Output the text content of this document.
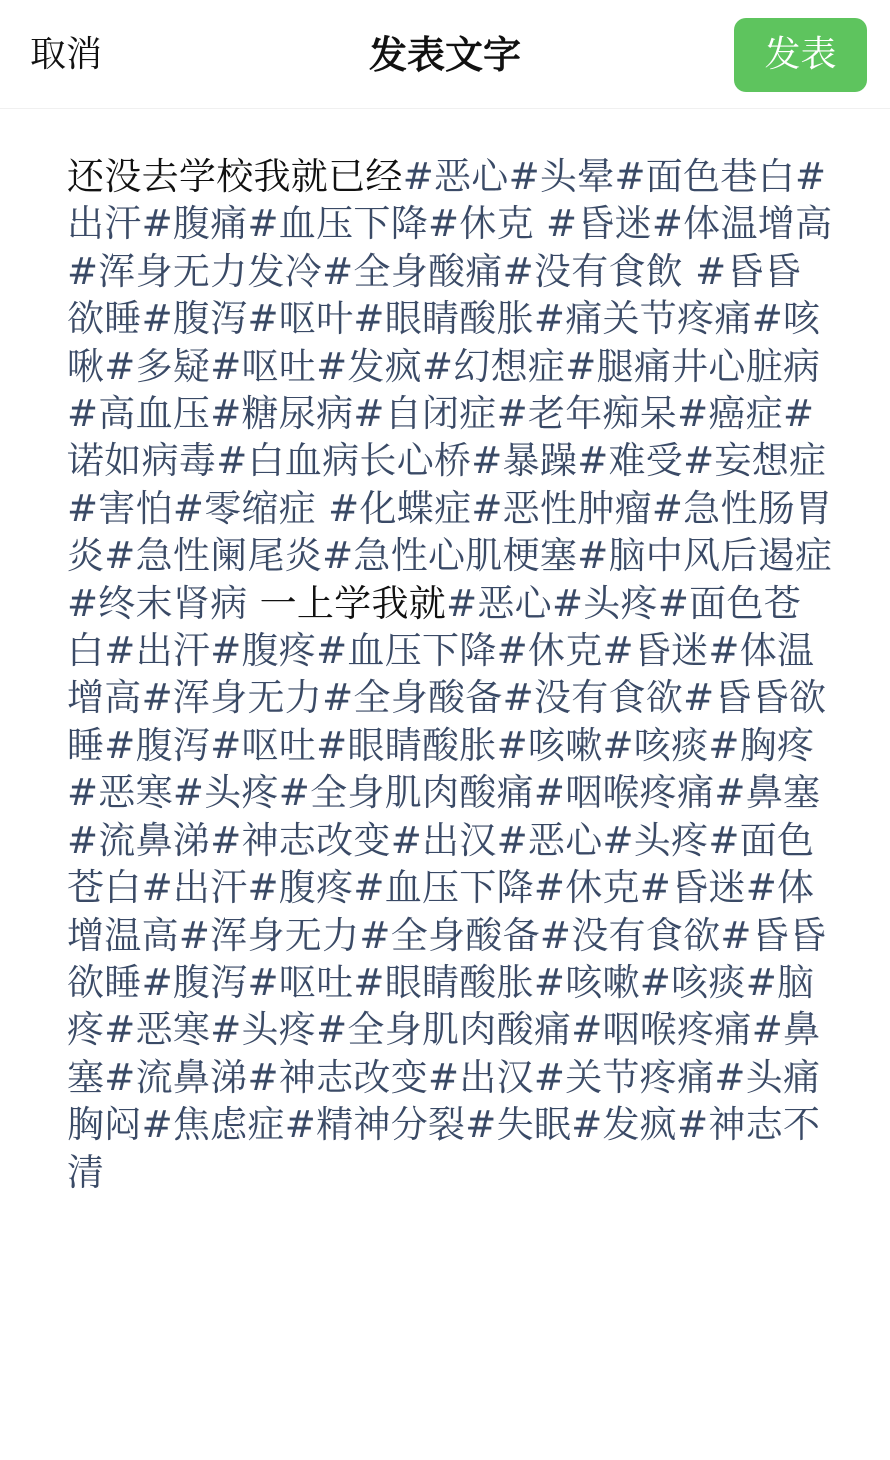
取消	发表文字	发表
还没去学校我就已经#恶心#头晕#面色巷白#出汗#腹痛#血压下降#休克 #昏迷#体温增高#浑身无力发冷#全身酸痛#没有食飲 #昏昏欲睡#腹泻#呕叶#眼睛酸胀#痛关节疼痛#咳啾#多疑#呕吐#发疯#幻想症#腿痛井心脏病#高血压#糖尿病#自闭症#老年痴呆#癌症#诺如病毒#白血病长心桥#暴躁#难受#妄想症#害怕#零缩症 #化蝶症#恶性肿瘤#急性肠胃炎#急性阑尾炎#急性心肌梗塞#脑中风后遏症#终末肾病 一上学我就#恶心#头疼#面色苍白#出汗#腹疼#血压下降#休克#昏迷#体温增高#浑身无力#全身酸备#没有食欲#昏昏欲睡#腹泻#呕吐#眼睛酸胀#咳嗽#咳痰#胸疼#恶寒#头疼#全身肌肉酸痛#咽喉疼痛#鼻塞#流鼻涕#神志改变#出汉#恶心#头疼#面色苍白#出汗#腹疼#血压下降#休克#昏迷#体增温高#浑身无力#全身酸备#没有食欲#昏昏欲睡#腹泻#呕吐#眼睛酸胀#咳嗽#咳痰#脑疼#恶寒#头疼#全身肌肉酸痛#咽喉疼痛#鼻塞#流鼻涕#神志改变#出汉#关节疼痛#头痛胸闷#焦虑症#精神分裂#失眠#发疯#神志不清
